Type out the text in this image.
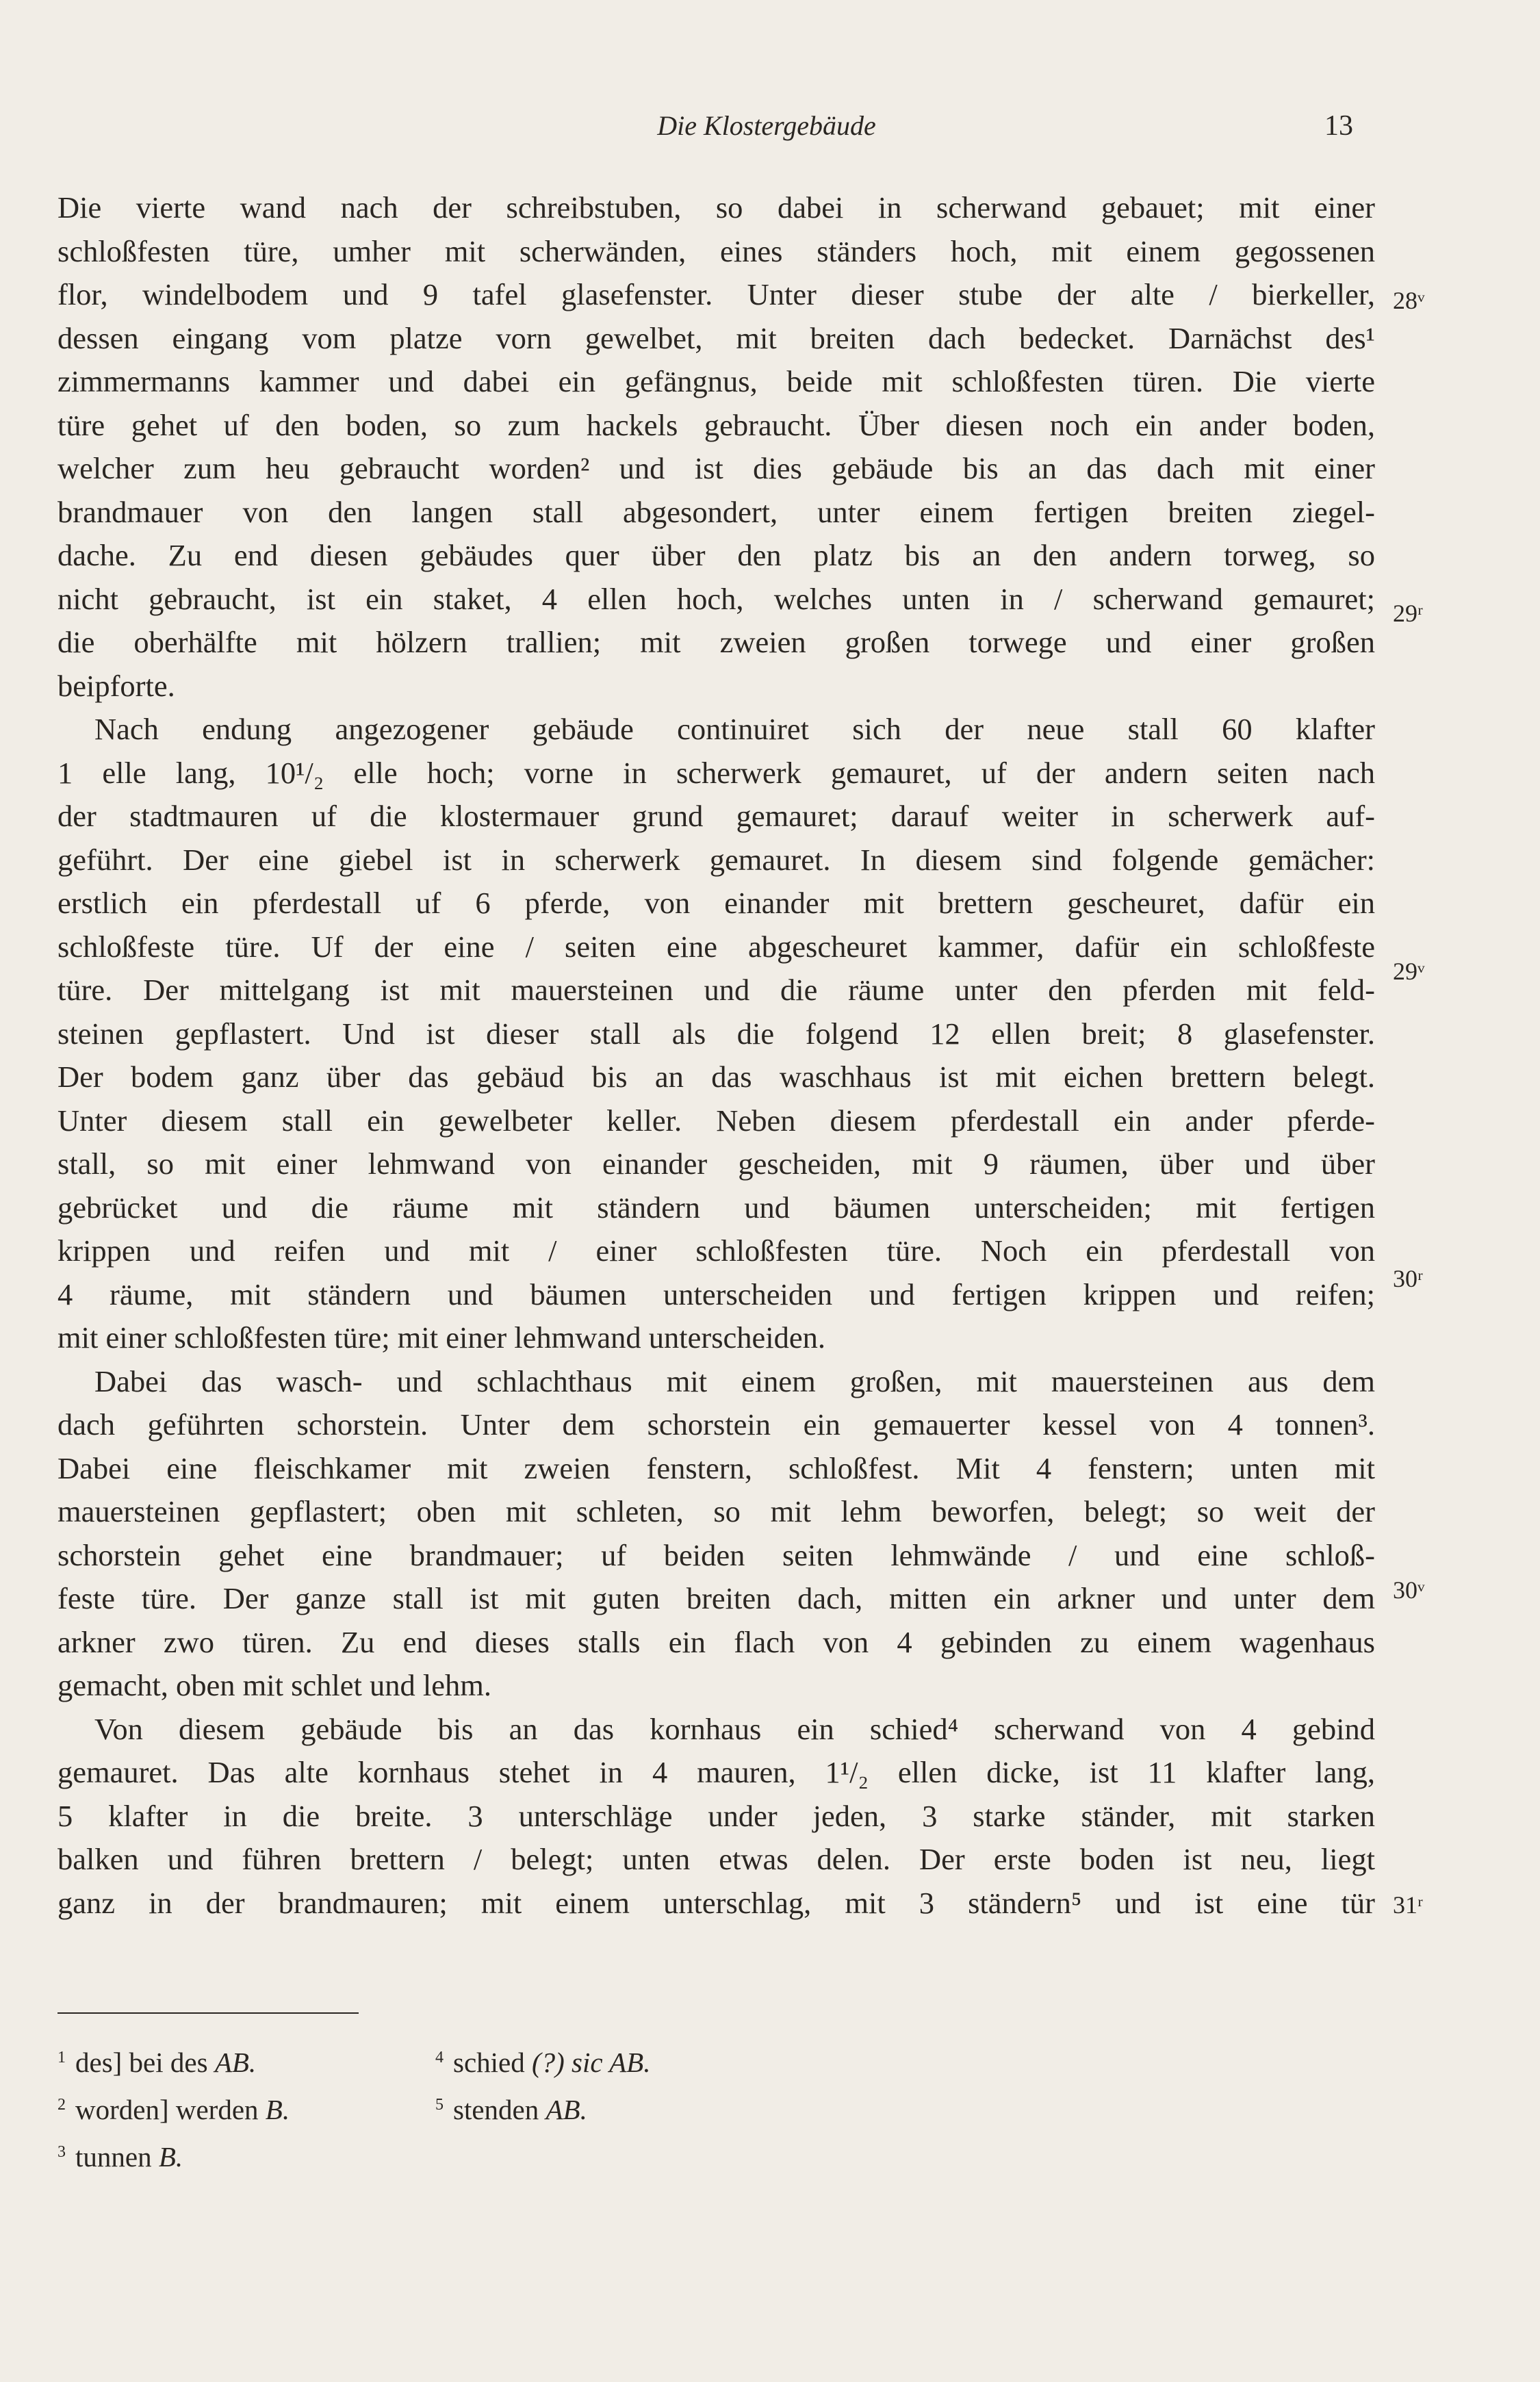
Die Klostergebäude	13
Die vierte wand nach der schreibstuben, so dabei in scherwand gebauet; mit einer
schloßfesten türe, umher mit scherwänden, eines ständers hoch, mit einem gegossenen
flor, windelbodem und 9 tafel glasefenster. Unter dieser stube der alte / bierkeller,
dessen eingang vom platze vorn gewelbet, mit breiten dach bedecket. Darnächst des¹
zimmermanns kammer und dabei ein gefängnus, beide mit schloßfesten türen. Die vierte
türe gehet uf den boden, so zum hackels gebraucht. Über diesen noch ein ander boden,
welcher zum heu gebraucht worden² und ist dies gebäude bis an das dach mit einer
brandmauer von den langen stall abgesondert, unter einem fertigen breiten ziegel-
dache. Zu end diesen gebäudes quer über den platz bis an den andern torweg, so
nicht gebraucht, ist ein staket, 4 ellen hoch, welches unten in / scherwand gemauret;
die oberhälfte mit hölzern trallien; mit zweien großen torwege und einer großen
beipforte.
Nach endung angezogener gebäude continuiret sich der neue stall 60 klafter
1 elle lang, 10¹/₂ elle hoch; vorne in scherwerk gemauret, uf der andern seiten nach
der stadtmauren uf die klostermauer grund gemauret; darauf weiter in scherwerk auf-
geführt. Der eine giebel ist in scherwerk gemauret. In diesem sind folgende gemächer:
erstlich ein pferdestall uf 6 pferde, von einander mit brettern gescheuret, dafür ein
schloßfeste türe. Uf der eine / seiten eine abgescheuret kammer, dafür ein schloßfeste
türe. Der mittelgang ist mit mauersteinen und die räume unter den pferden mit feld-
steinen gepflastert. Und ist dieser stall als die folgend 12 ellen breit; 8 glasefenster.
Der bodem ganz über das gebäud bis an das waschhaus ist mit eichen brettern belegt.
Unter diesem stall ein gewelbeter keller. Neben diesem pferdestall ein ander pferde-
stall, so mit einer lehmwand von einander gescheiden, mit 9 räumen, über und über
gebrücket und die räume mit ständern und bäumen unterscheiden; mit fertigen
krippen und reifen und mit / einer schloßfesten türe. Noch ein pferdestall von
4 räume, mit ständern und bäumen unterscheiden und fertigen krippen und reifen;
mit einer schloßfesten türe; mit einer lehmwand unterscheiden.
Dabei das wasch- und schlachthaus mit einem großen, mit mauersteinen aus dem
dach geführten schorstein. Unter dem schorstein ein gemauerter kessel von 4 tonnen³.
Dabei eine fleischkamer mit zweien fenstern, schloßfest. Mit 4 fenstern; unten mit
mauersteinen gepflastert; oben mit schleten, so mit lehm beworfen, belegt; so weit der
schorstein gehet eine brandmauer; uf beiden seiten lehmwände / und eine schloß-
feste türe. Der ganze stall ist mit guten breiten dach, mitten ein arkner und unter dem
arkner zwo türen. Zu end dieses stalls ein flach von 4 gebinden zu einem wagenhaus
gemacht, oben mit schlet und lehm.
Von diesem gebäude bis an das kornhaus ein schied⁴ scherwand von 4 gebind
gemauret. Das alte kornhaus stehet in 4 mauren, 1¹/₂ ellen dicke, ist 11 klafter lang,
5 klafter in die breite. 3 unterschläge under jeden, 3 starke ständer, mit starken
balken und führen brettern / belegt; unten etwas delen. Der erste boden ist neu, liegt
ganz in der brandmauren; mit einem unterschlag, mit 3 ständern⁵ und ist eine tür
28ᵛ
29ʳ
29ᵛ
30ʳ
30ᵛ
31ʳ
$^1$ des] bei des AB.
$^2$ worden] werden B.
$^3$ tunnen B.
$^4$ schied (?) sic AB.
$^5$ stenden AB.
